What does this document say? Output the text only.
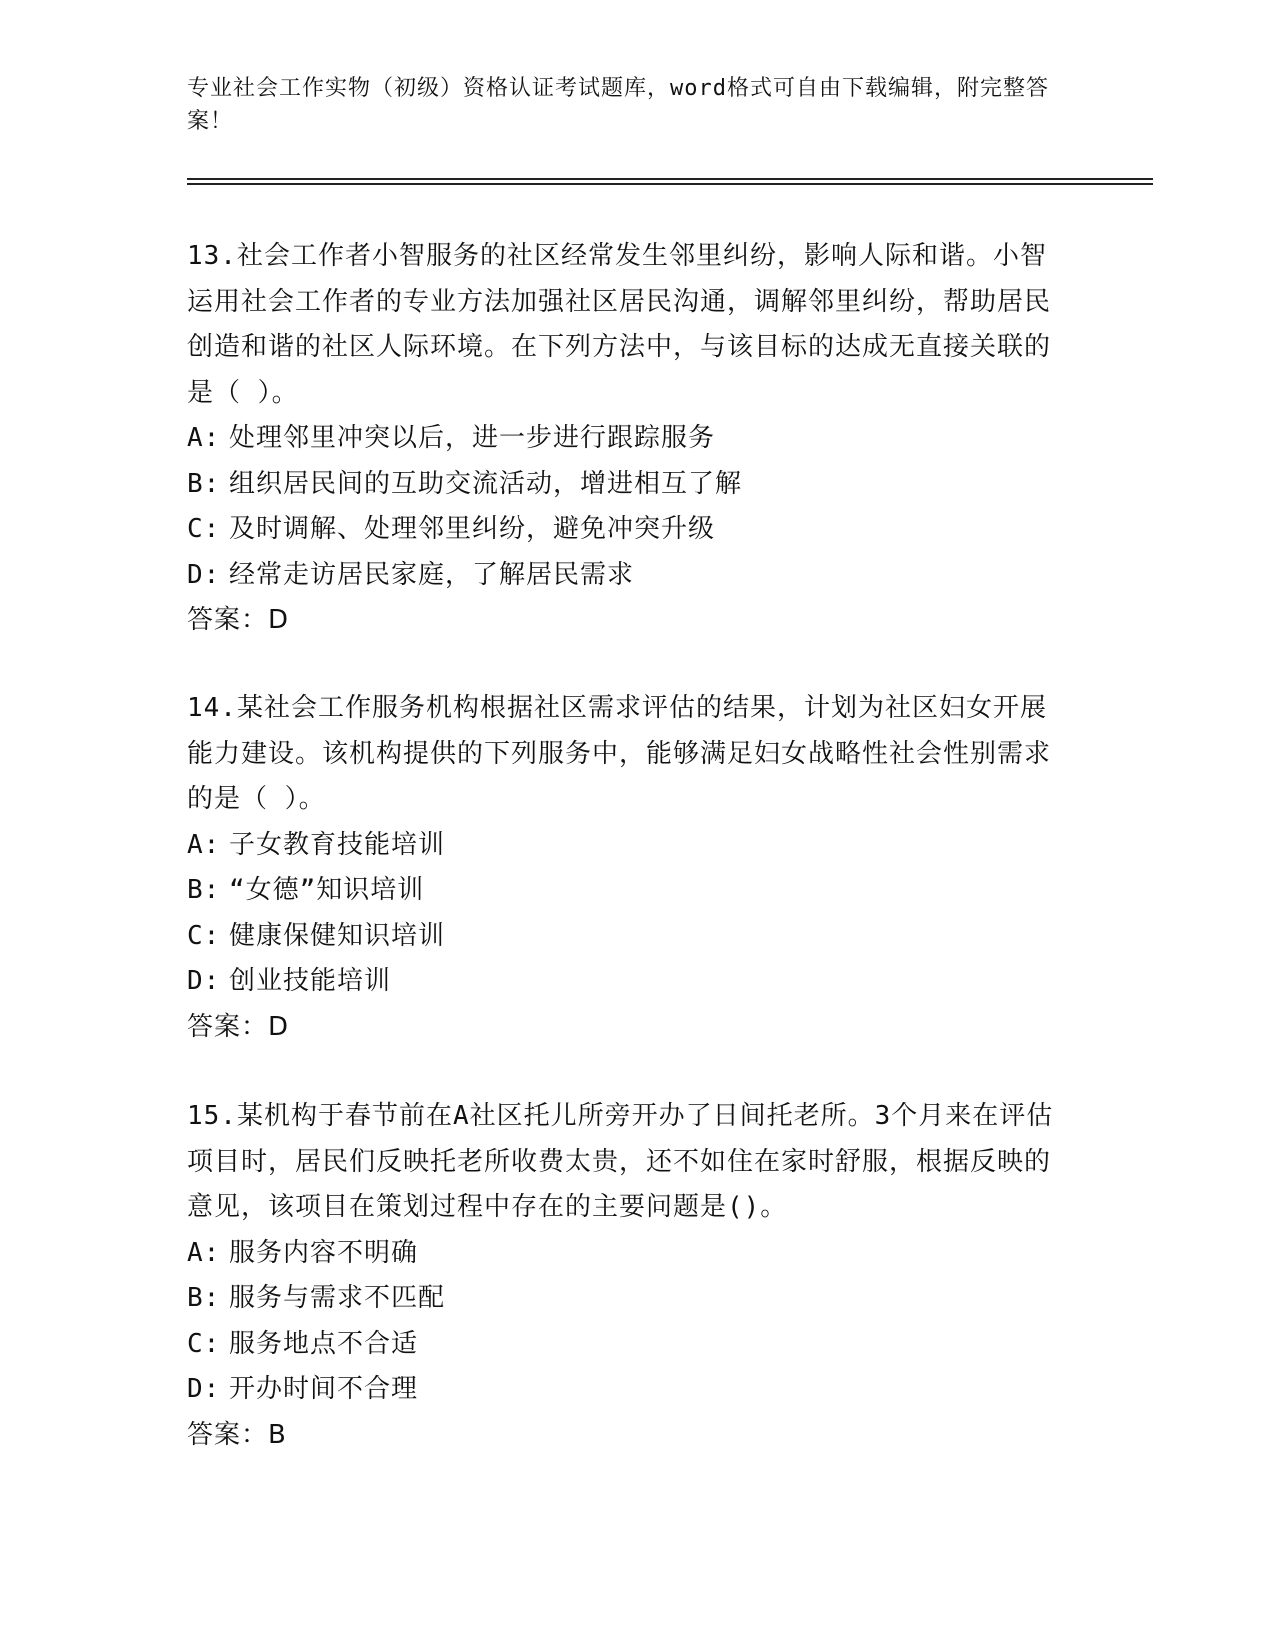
专业社会工作实物（初级）资格认证考试题库，word格式可自由下载编辑，附完整答案！

13.社会工作者小智服务的社区经常发生邻里纠纷，影响人际和谐。小智运用社会工作者的专业方法加强社区居民沟通，调解邻里纠纷，帮助居民创造和谐的社区人际环境。在下列方法中，与该目标的达成无直接关联的是（ ）。

A: 处理邻里冲突以后，进一步进行跟踪服务
B: 组织居民间的互助交流活动，增进相互了解
C: 及时调解、处理邻里纠纷，避免冲突升级
D: 经常走访居民家庭，了解居民需求

答案：D

14.某社会工作服务机构根据社区需求评估的结果，计划为社区妇女开展能力建设。该机构提供的下列服务中，能够满足妇女战略性社会性别需求的是（ ）。

A: 子女教育技能培训
B: “女德”知识培训
C: 健康保健知识培训
D: 创业技能培训

答案：D

15.某机构于春节前在A社区托儿所旁开办了日间托老所。3个月来在评估项目时，居民们反映托老所收费太贵，还不如住在家时舒服，根据反映的意见，该项目在策划过程中存在的主要问题是()。

A: 服务内容不明确
B: 服务与需求不匹配
C: 服务地点不合适
D: 开办时间不合理

答案：B
